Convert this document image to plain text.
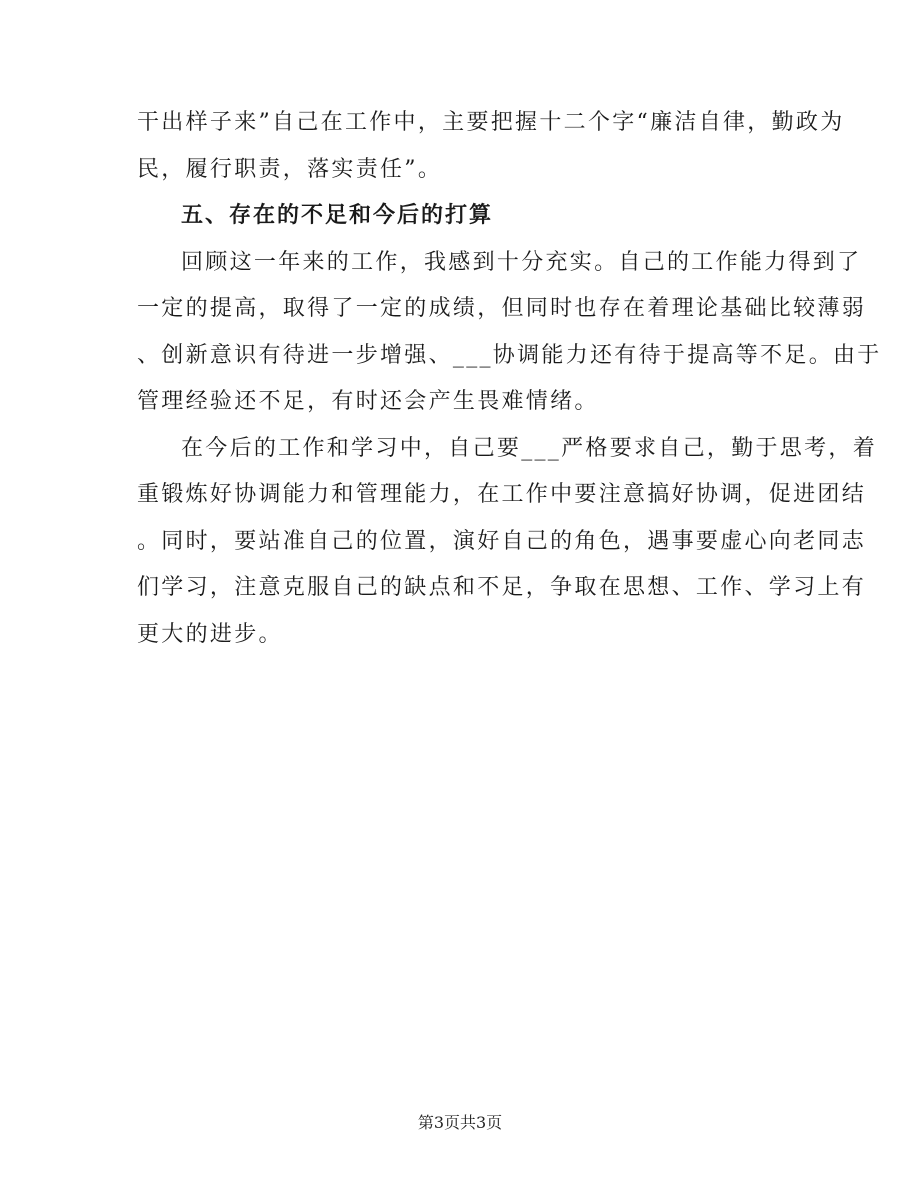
干出样子来”自己在工作中，主要把握十二个字“廉洁自律，勤政为
民，履行职责，落实责任”。
五、存在的不足和今后的打算
回顾这一年来的工作，我感到十分充实。自己的工作能力得到了
一定的提高，取得了一定的成绩，但同时也存在着理论基础比较薄弱
、创新意识有待进一步增强、___协调能力还有待于提高等不足。由于
管理经验还不足，有时还会产生畏难情绪。
在今后的工作和学习中，自己要___严格要求自己，勤于思考，着
重锻炼好协调能力和管理能力，在工作中要注意搞好协调，促进团结
。同时，要站准自己的位置，演好自己的角色，遇事要虚心向老同志
们学习，注意克服自己的缺点和不足，争取在思想、工作、学习上有
更大的进步。
第3页共3页
